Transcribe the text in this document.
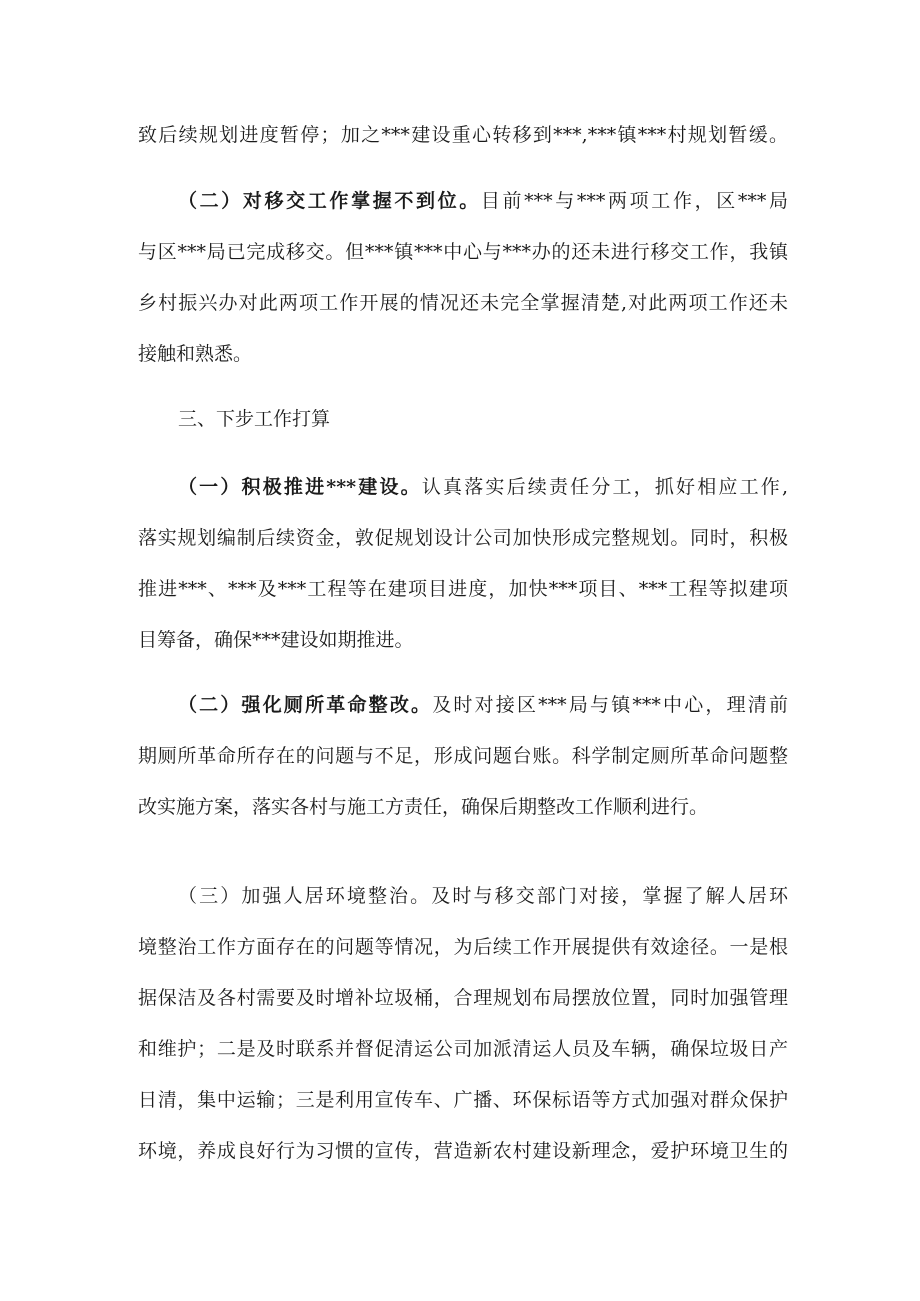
致后续规划进度暂停；加之***建设重心转移到***,***镇***村规划暂缓。
（二）对移交工作掌握不到位。目前***与***两项工作，区***局
与区***局已完成移交。但***镇***中心与***办的还未进行移交工作，我镇
乡村振兴办对此两项工作开展的情况还未完全掌握清楚,对此两项工作还未
接触和熟悉。
三、下步工作打算
（一）积极推进***建设。认真落实后续责任分工，抓好相应工作,
落实规划编制后续资金，敦促规划设计公司加快形成完整规划。同时，积极
推进***、***及***工程等在建项目进度，加快***项目、***工程等拟建项
目筹备，确保***建设如期推进。
（二）强化厕所革命整改。及时对接区***局与镇***中心，理清前
期厕所革命所存在的问题与不足，形成问题台账。科学制定厕所革命问题整
改实施方案，落实各村与施工方责任，确保后期整改工作顺利进行。
（三）加强人居环境整治。及时与移交部门对接，掌握了解人居环
境整治工作方面存在的问题等情况，为后续工作开展提供有效途径。一是根
据保洁及各村需要及时增补垃圾桶，合理规划布局摆放位置，同时加强管理
和维护；二是及时联系并督促清运公司加派清运人员及车辆，确保垃圾日产
日清，集中运输；三是利用宣传车、广播、环保标语等方式加强对群众保护
环境，养成良好行为习惯的宣传，营造新农村建设新理念，爱护环境卫生的
